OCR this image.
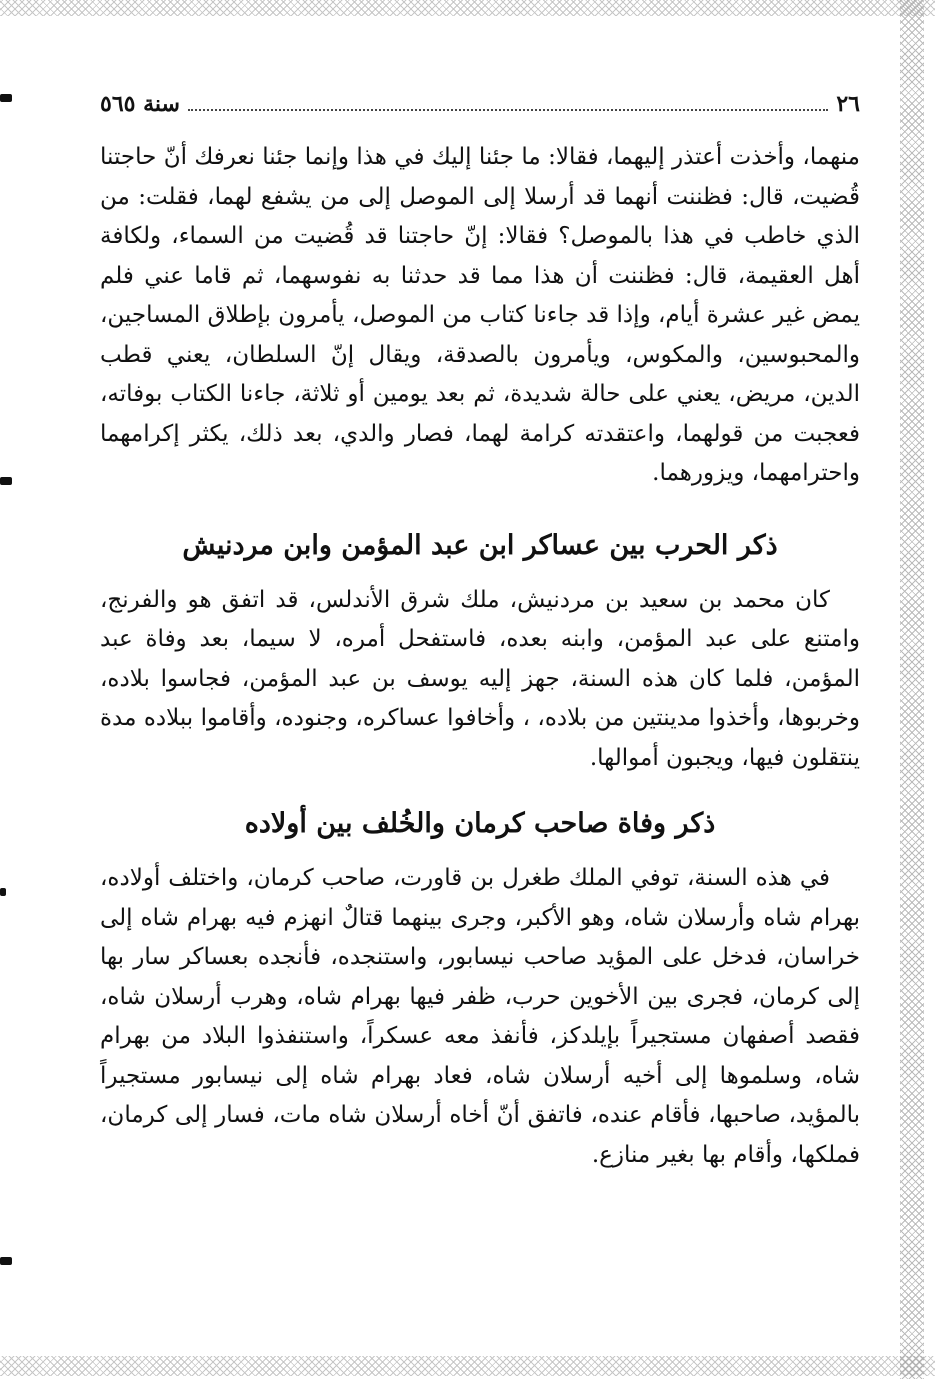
٢٦
سنة ٥٦٥

منهما، وأخذت أعتذر إليهما، فقالا: ما جئنا إليك في هذا وإنما جئنا نعرفك أنّ حاجتنا قُضيت، قال: فظننت أنهما قد أرسلا إلى الموصل إلى من يشفع لهما، فقلت: من الذي خاطب في هذا بالموصل؟ فقالا: إنّ حاجتنا قد قُضيت من السماء، ولكافة أهل العقيمة، قال: فظننت أن هذا مما قد حدثنا به نفوسهما، ثم قاما عني فلم يمض غير عشرة أيام، وإذا قد جاءنا كتاب من الموصل، يأمرون بإطلاق المساجين، والمحبوسين، والمكوس، ويأمرون بالصدقة، ويقال إنّ السلطان، يعني قطب الدين، مريض، يعني على حالة شديدة، ثم بعد يومين أو ثلاثة، جاءنا الكتاب بوفاته، فعجبت من قولهما، واعتقدته كرامة لهما، فصار والدي، بعد ذلك، يكثر إكرامهما واحترامهما، ويزورهما.

ذكر الحرب بين عساكر ابن عبد المؤمن وابن مردنيش

كان محمد بن سعيد بن مردنيش، ملك شرق الأندلس، قد اتفق هو والفرنج، وامتنع على عبد المؤمن، وابنه بعده، فاستفحل أمره، لا سيما، بعد وفاة عبد المؤمن، فلما كان هذه السنة، جهز إليه يوسف بن عبد المؤمن، فجاسوا بلاده، وخربوها، وأخذوا مدينتين من بلاده، ، وأخافوا عساكره، وجنوده، وأقاموا ببلاده مدة ينتقلون فيها، ويجبون أموالها.

ذكر وفاة صاحب كرمان والخُلف بين أولاده

في هذه السنة، توفي الملك طغرل بن قاورت، صاحب كرمان، واختلف أولاده، بهرام شاه وأرسلان شاه، وهو الأكبر، وجرى بينهما قتالٌ انهزم فيه بهرام شاه إلى خراسان، فدخل على المؤيد صاحب نيسابور، واستنجده، فأنجده بعساكر سار بها إلى كرمان، فجرى بين الأخوين حرب، ظفر فيها بهرام شاه، وهرب أرسلان شاه، فقصد أصفهان مستجيراً بإيلدكز، فأنفذ معه عسكراً، واستنفذوا البلاد من بهرام شاه، وسلموها إلى أخيه أرسلان شاه، فعاد بهرام شاه إلى نيسابور مستجيراً بالمؤيد، صاحبها، فأقام عنده، فاتفق أنّ أخاه أرسلان شاه مات، فسار إلى كرمان، فملكها، وأقام بها بغير منازع.
